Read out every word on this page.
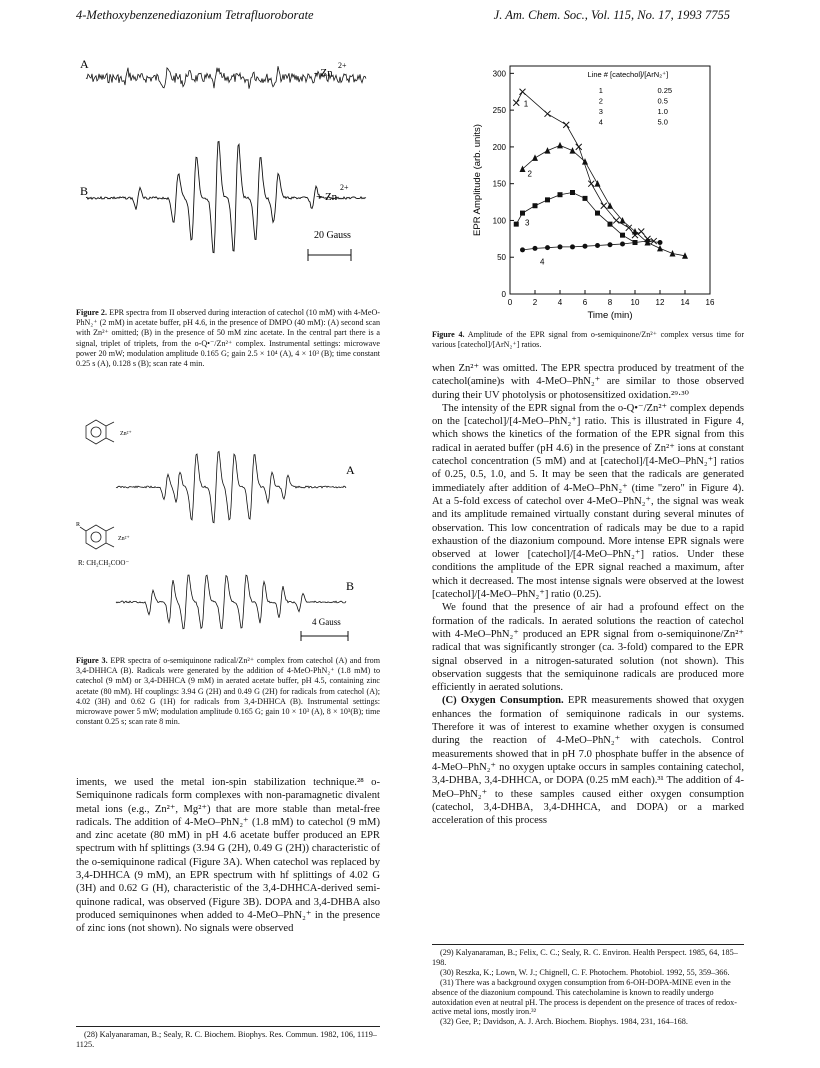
4-Methoxybenzenediazonium Tetrafluoroborate	J. Am. Chem. Soc., Vol. 115, No. 17, 1993 7755
A
- Zn
2+
B	+ Zn
2+
20 Gauss
Figure 2. EPR spectra from II observed during interaction of catechol (10 mM) with 4-MeO-PhN₂⁺ (2 mM) in acetate buffer, pH 4.6, in the presence of DMPO (40 mM): (A) second scan with Zn²⁺ omitted; (B) in the presence of 50 mM zinc acetate. In the central part there is a signal, triplet of triplets, from the o-Q•⁻/Zn²⁺ complex. Instrumental settings: microwave power 20 mW; modulation amplitude 0.165 G; gain 2.5 × 10⁴ (A), 4 × 10³ (B); time constant 0.25 s (A), 0.128 s (B); scan rate 4 min.
Zn²⁺
A
R
Zn²⁺
R: CH₂CH₂COO⁻
B
4 Gauss
Figure 3. EPR spectra of o-semiquinone radical/Zn²⁺ complex from catechol (A) and from 3,4-DHHCA (B). Radicals were generated by the addition of 4-MeO-PhN₂⁺ (1.8 mM) to catechol (9 mM) or 3,4-DHHCA (9 mM) in aerated acetate buffer, pH 4.5, containing zinc acetate (80 mM). Hf couplings: 3.94 G (2H) and 0.49 G (2H) for radicals from catechol (A); 4.02 (3H) and 0.62 G (1H) for radicals from 3,4-DHHCA (B). Instrumental settings: microwave power 5 mW; modulation amplitude 0.165 G; gain 10 × 10³ (A), 8 × 10³(B); time constant 0.25 s; scan rate 8 min.

iments, we used the metal ion-spin stabilization technique.²⁸ o-Semiquinone radicals form complexes with non-paramagnetic divalent metal ions (e.g., Zn²⁺, Mg²⁺) that are more stable than metal-free radicals. The addition of 4-MeO–PhN₂⁺ (1.8 mM) to catechol (9 mM) and zinc acetate (80 mM) in pH 4.6 acetate buffer produced an EPR spectrum with hf splittings (3.94 G (2H), 0.49 G (2H)) characteristic of the o-semiquinone radical (Figure 3A). When catechol was replaced by 3,4-DHHCA (9 mM), an EPR spectrum with hf splittings of 4.02 G (3H) and 0.62 G (H), characteristic of the 3,4-DHHCA-derived semi-quinone radical, was observed (Figure 3B). DOPA and 3,4-DHBA also produced semiquinones when added to 4-MeO–PhN₂⁺ in the presence of zinc ions (not shown). No signals were observed

(28) Kalyanaraman, B.; Sealy, R. C. Biochem. Biophys. Res. Commun. 1982, 106, 1119–1125.

0	2	4	6	8 10 12 14 16
0
50
100
150
200
250
300
Time (min)
EPR Amplitude (arb. units)
1
2
3
4
Line # [catechol]/[ArN₂⁺]
1	0.25
2	0.5
3	1.0
4	5.0
Figure 4. Amplitude of the EPR signal from o-semiquinone/Zn²⁺ complex versus time for various [catechol]/[ArN₂⁺] ratios.

when Zn²⁺ was omitted. The EPR spectra produced by treatment of the catechol(amine)s with 4-MeO–PhN₂⁺ are similar to those observed during their UV photolysis or photosensitized oxidation.²⁹·³⁰

The intensity of the EPR signal from the o-Q•⁻/Zn²⁺ complex depends on the [catechol]/[4-MeO–PhN₂⁺] ratio. This is illustrated in Figure 4, which shows the kinetics of the formation of the EPR signal from this radical in aerated buffer (pH 4.6) in the presence of Zn²⁺ ions at constant catechol concentration (5 mM) and at [catechol]/[4-MeO–PhN₂⁺] ratios of 0.25, 0.5, 1.0, and 5. It may be seen that the radicals are generated immediately after addition of 4-MeO–PhN₂⁺ (time "zero" in Figure 4). At a 5-fold excess of catechol over 4-MeO–PhN₂⁺, the signal was weak and its amplitude remained virtually constant during several minutes of observation. This low concentration of radicals may be due to a rapid exhaustion of the diazonium compound. More intense EPR signals were observed at lower [catechol]/[4-MeO–PhN₂⁺] ratios. Under these conditions the amplitude of the EPR signal reached a maximum, after which it decreased. The most intense signals were observed at the lowest [catechol]/[4-MeO–PhN₂⁺] ratio (0.25).

We found that the presence of air had a profound effect on the formation of the radicals. In aerated solutions the reaction of catechol with 4-MeO–PhN₂⁺ produced an EPR signal from o-semiquinone/Zn²⁺ radical that was significantly stronger (ca. 3-fold) compared to the EPR signal observed in a nitrogen-saturated solution (not shown). This observation suggests that the semiquinone radicals are produced more efficiently in aerated solutions.

(C) Oxygen Consumption. EPR measurements showed that oxygen enhances the formation of semiquinone radicals in our systems. Therefore it was of interest to examine whether oxygen is consumed during the reaction of 4-MeO–PhN₂⁺ with catechols. Control measurements showed that in pH 7.0 phosphate buffer in the absence of 4-MeO–PhN₂⁺ no oxygen uptake occurs in samples containing catechol, 3,4-DHBA, 3,4-DHHCA, or DOPA (0.25 mM each).³¹ The addition of 4-MeO–PhN₂⁺ to these samples caused either oxygen consumption (catechol, 3,4-DHBA, 3,4-DHHCA, and DOPA) or a marked acceleration of this process

(29) Kalyanaraman, B.; Felix, C. C.; Sealy, R. C. Environ. Health Perspect. 1985, 64, 185–198.

(30) Reszka, K.; Lown, W. J.; Chignell, C. F. Photochem. Photobiol. 1992, 55, 359–366.

(31) There was a background oxygen consumption from 6-OH-DOPA-MINE even in the absence of the diazonium compound. This catecholamine is known to readily undergo autoxidation even at neutral pH. The process is dependent on the presence of traces of redox-active metal ions, mostly iron.³²

(32) Gee, P.; Davidson, A. J. Arch. Biochem. Biophys. 1984, 231, 164–168.
